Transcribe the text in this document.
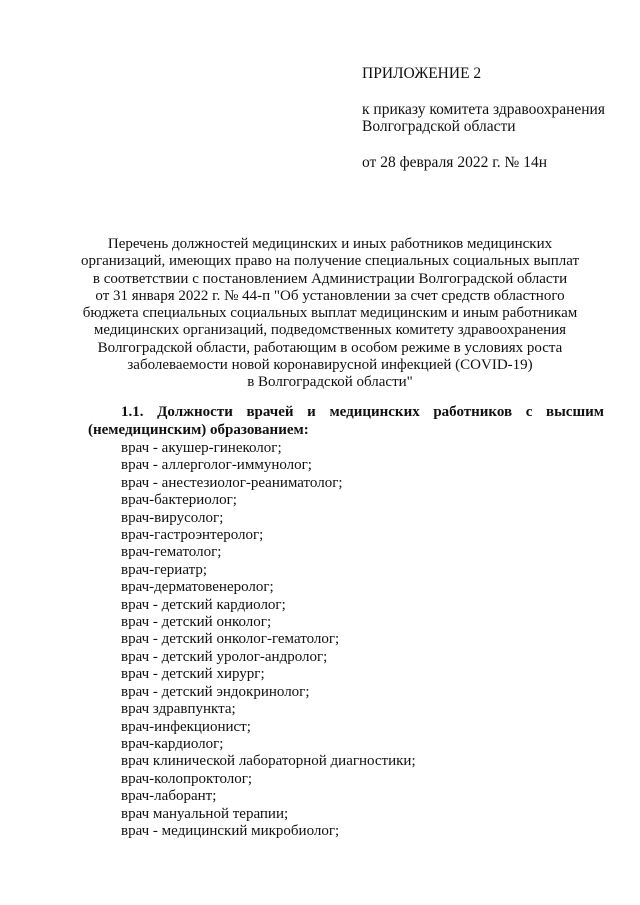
ПРИЛОЖЕНИЕ 2
к приказу комитета здравоохранения
Волгоградской области
от 28 февраля 2022 г. № 14н
Перечень должностей медицинских и иных работников медицинских
организаций, имеющих право на получение специальных социальных выплат
в соответствии с постановлением Администрации Волгоградской области
от 31 января 2022 г. № 44-п "Об установлении за счет средств областного
бюджета специальных социальных выплат медицинским и иным работникам
медицинских организаций, подведомственных комитету здравоохранения
Волгоградской области, работающим в особом режиме в условиях роста
заболеваемости новой коронавирусной инфекцией (COVID-19)
в Волгоградской области"
1.1. Должности врачей и медицинских работников с высшим
(немедицинским) образованием:
врач - акушер-гинеколог;
врач - аллерголог-иммунолог;
врач - анестезиолог-реаниматолог;
врач-бактериолог;
врач-вирусолог;
врач-гастроэнтеролог;
врач-гематолог;
врач-гериатр;
врач-дерматовенеролог;
врач - детский кардиолог;
врач - детский онколог;
врач - детский онколог-гематолог;
врач - детский уролог-андролог;
врач - детский хирург;
врач - детский эндокринолог;
врач здравпункта;
врач-инфекционист;
врач-кардиолог;
врач клинической лабораторной диагностики;
врач-колопроктолог;
врач-лаборант;
врач мануальной терапии;
врач - медицинский микробиолог;
